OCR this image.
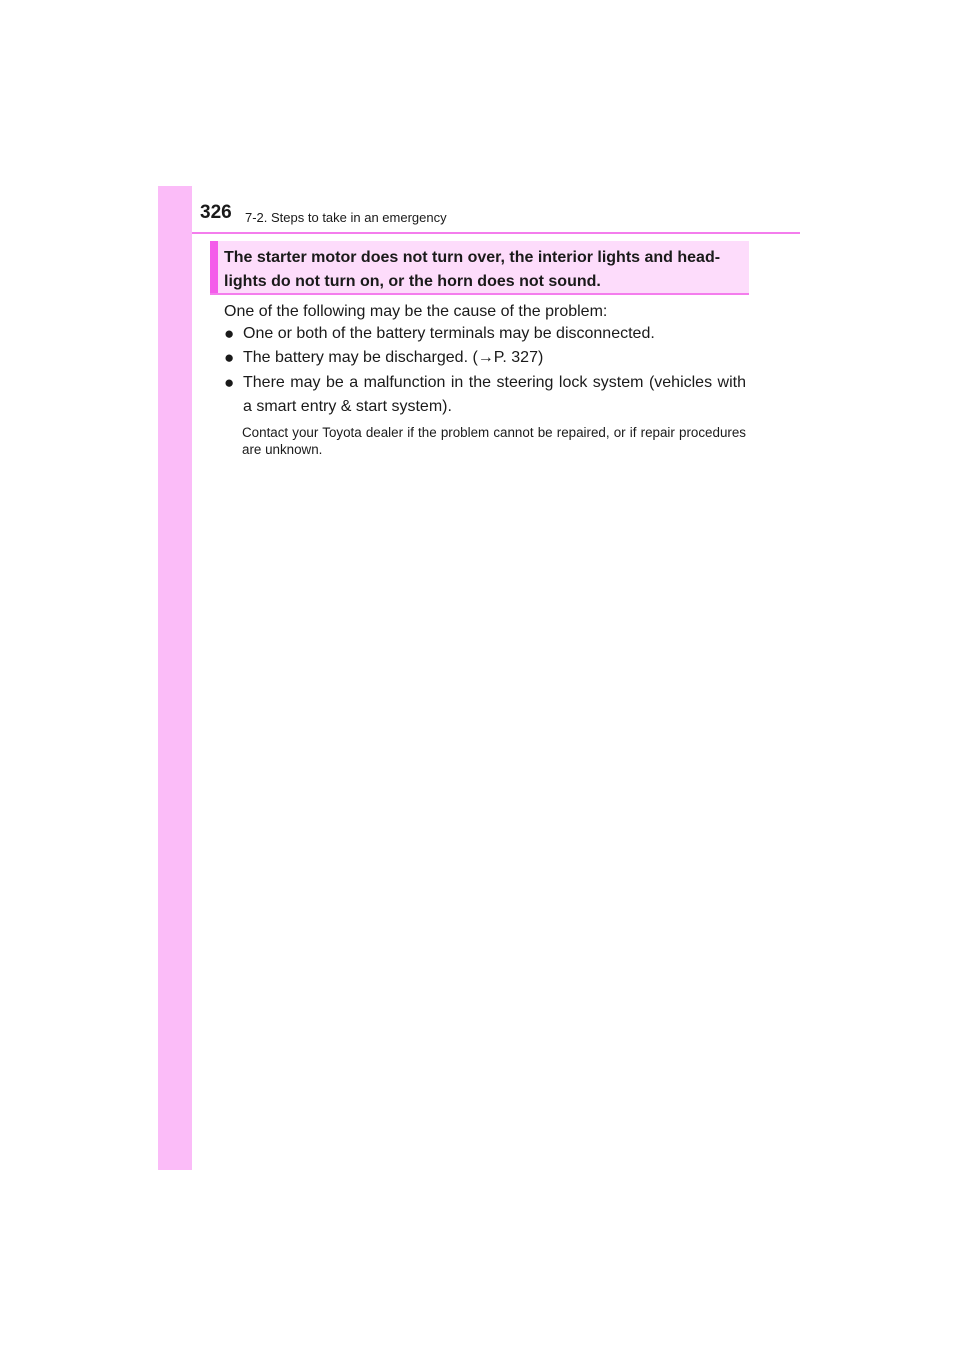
326 7-2. Steps to take in an emergency
The starter motor does not turn over, the interior lights and head-
lights do not turn on, or the horn does not sound.
One of the following may be the cause of the problem:
● One or both of the battery terminals may be disconnected.
● The battery may be discharged. (→P. 327)
● There may be a malfunction in the steering lock system (vehicles with a smart entry & start system).
Contact your Toyota dealer if the problem cannot be repaired, or if repair procedures are unknown.
